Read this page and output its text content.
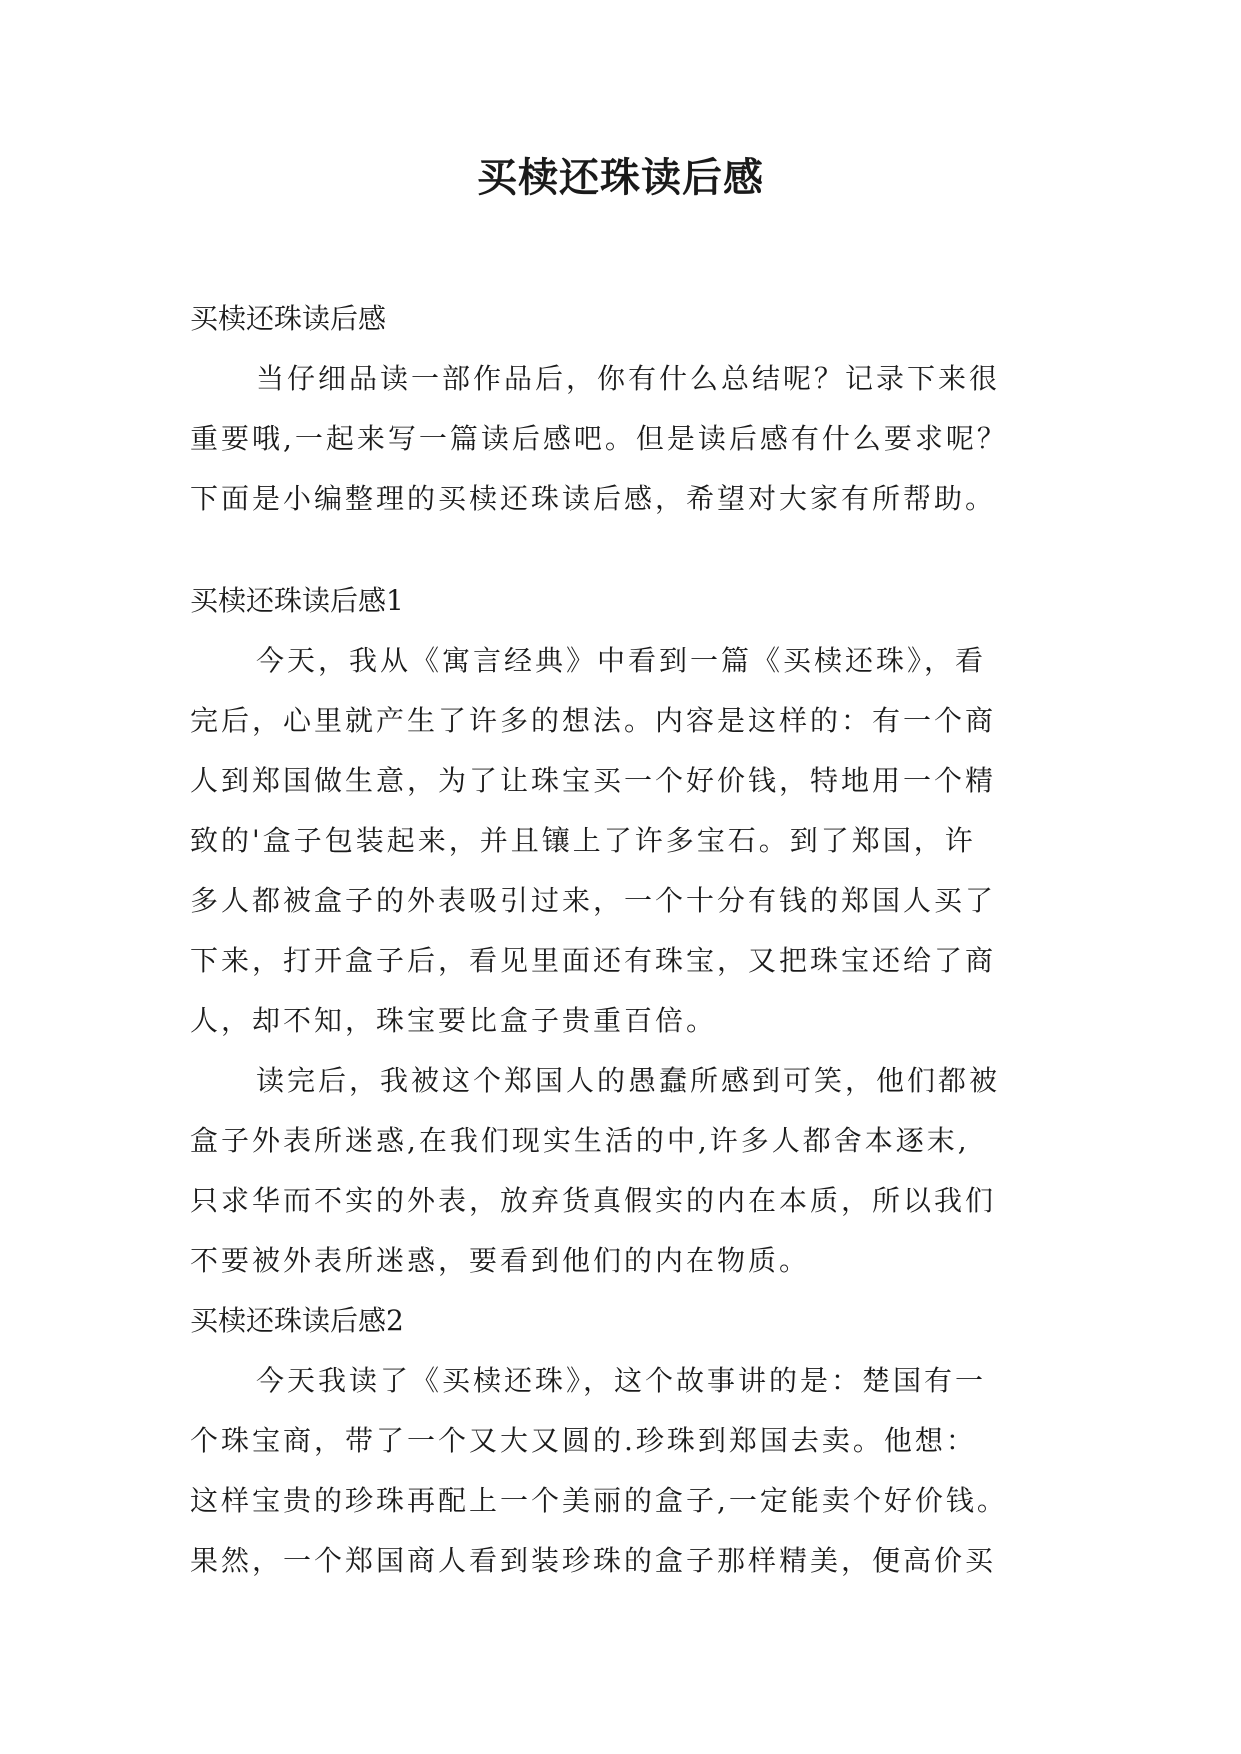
买椟还珠读后感
买椟还珠读后感
当仔细品读一部作品后，你有什么总结呢？记录下来很
重要哦,一起来写一篇读后感吧。但是读后感有什么要求呢？
下面是小编整理的买椟还珠读后感，希望对大家有所帮助。
买椟还珠读后感1
今天，我从《寓言经典》中看到一篇《买椟还珠》，看
完后，心里就产生了许多的想法。内容是这样的：有一个商
人到郑国做生意，为了让珠宝买一个好价钱，特地用一个精
致的'盒子包装起来，并且镶上了许多宝石。到了郑国，许
多人都被盒子的外表吸引过来，一个十分有钱的郑国人买了
下来，打开盒子后，看见里面还有珠宝，又把珠宝还给了商
人，却不知，珠宝要比盒子贵重百倍。
读完后，我被这个郑国人的愚蠢所感到可笑，他们都被
盒子外表所迷惑,在我们现实生活的中,许多人都舍本逐末,
只求华而不实的外表，放弃货真假实的内在本质，所以我们
不要被外表所迷惑，要看到他们的内在物质。
买椟还珠读后感2
今天我读了《买椟还珠》，这个故事讲的是：楚国有一
个珠宝商，带了一个又大又圆的.珍珠到郑国去卖。他想：
这样宝贵的珍珠再配上一个美丽的盒子,一定能卖个好价钱。
果然，一个郑国商人看到装珍珠的盒子那样精美，便高价买
